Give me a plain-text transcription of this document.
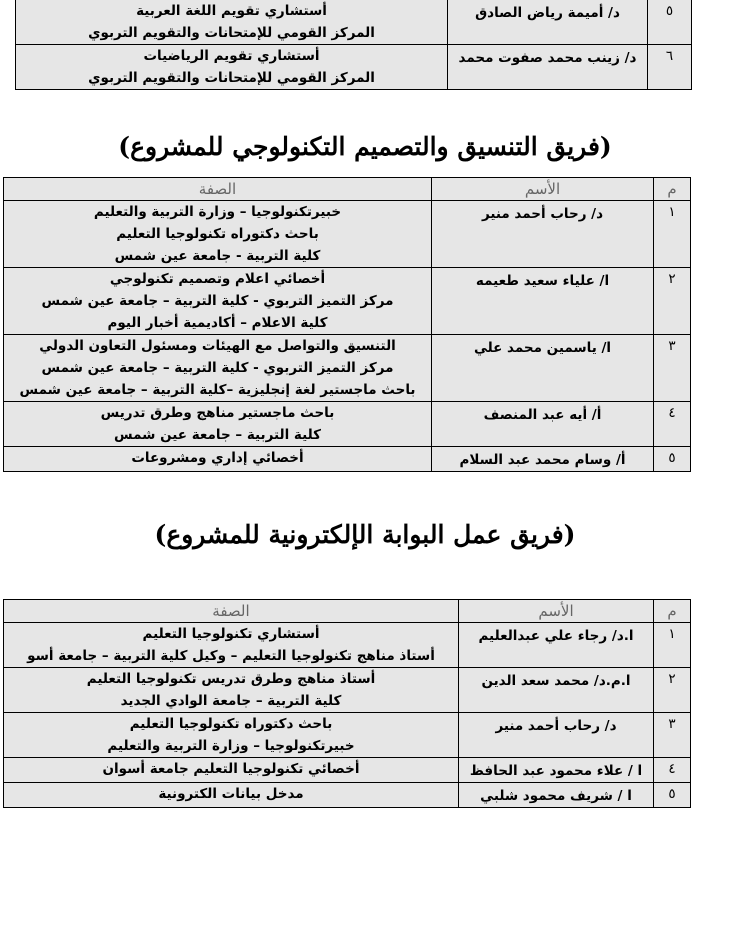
٥	د/ أميمة رياض الصادق	أستشاري تقويم اللغة العربية
المركز القومي للإمتحانات والتقويم التربوي

٦	د/ زينب محمد صفوت محمد	أستشاري تقويم الرياضيات
المركز القومي للإمتحانات والتقويم التربوي
(فريق التنسيق والتصميم التكنولوجي للمشروع)
م	الأسم	الصفة
١	د/ رحاب أحمد منير	خبيرتكنولوجيا – وزارة التربية والتعليم
باحث دكتوراه تكنولوجيا التعليم
كلية التربية - جامعة عين شمس

٢	ا/ علياء سعيد طعيمه	أخصائي اعلام وتصميم تكنولوجي
مركز التميز التربوي - كلية التربية – جامعة عين شمس
كلية الاعلام – أكاديمية أخبار اليوم

٣	ا/ ياسمين محمد علي	التنسيق والتواصل مع الهيئات ومسئول التعاون الدولي
مركز التميز التربوي - كلية التربية – جامعة عين شمس
باحث ماجستير لغة إنجليزية –كلية التربية – جامعة عين شمس

٤	أ/ أيه عبد المنصف	باحث ماجستير مناهج وطرق تدريس
كلية التربية – جامعة عين شمس

٥	أ/ وسام محمد عبد السلام	أخصائي إداري ومشروعات
(فريق عمل البوابة الإلكترونية للمشروع)
م	الأسم	الصفة
١	ا.د/ رجاء علي عبدالعليم	أستشاري تكنولوجيا التعليم
أستاذ مناهج تكنولوجيا التعليم – وكيل كلية التربية – جامعة أسو

٢	ا.م.د/ محمد سعد الدين	أستاذ مناهج وطرق تدريس تكنولوجيا التعليم
كلية التربية – جامعة الوادي الجديد

٣	د/ رحاب أحمد منير	باحث دكتوراه تكنولوجيا التعليم
خبيرتكنولوجيا – وزارة التربية والتعليم

٤	ا / علاء محمود عبد الحافظ	أخصائي تكنولوجيا التعليم جامعة أسوان

٥	ا / شريف محمود شلبي	مدخل بيانات الكترونية
